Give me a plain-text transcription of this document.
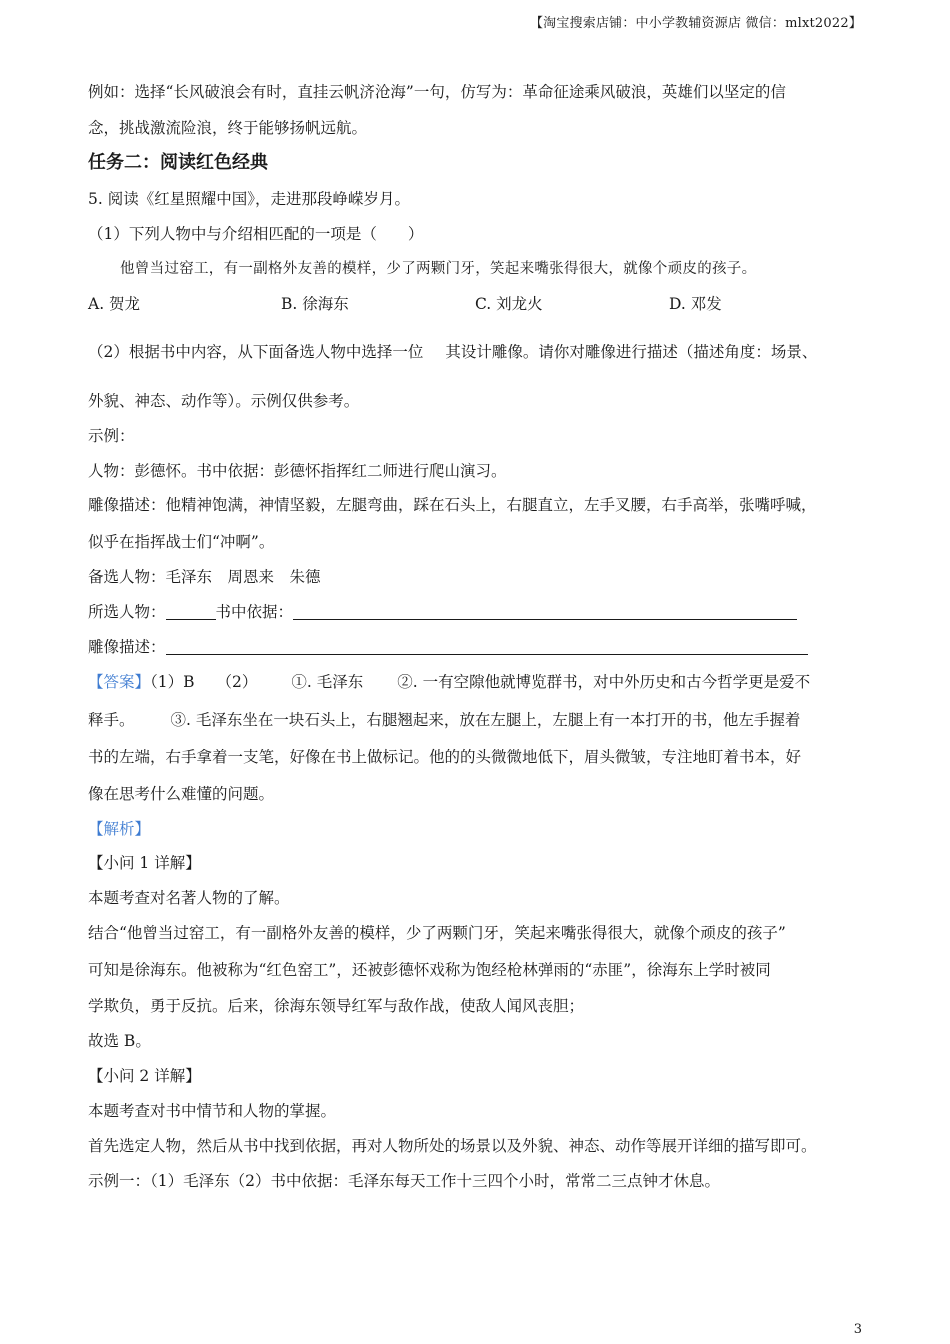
【淘宝搜索店铺：中小学教辅资源店 微信：mlxt2022】
例如：选择“长风破浪会有时，直挂云帆济沧海”一句，仿写为：革命征途乘风破浪，英雄们以坚定的信
念，挑战激流险浪，终于能够扬帆远航。
任务二：阅读红色经典
5. 阅读《红星照耀中国》，走进那段峥嵘岁月。
（1）下列人物中与介绍相匹配的一项是（　　）
他曾当过窑工，有一副格外友善的模样，少了两颗门牙，笑起来嘴张得很大，就像个顽皮的孩子。
A. 贺龙	B. 徐海东	C. 刘龙火	D. 邓发
（2）根据书中内容，从下面备选人物中选择一位 其设计雕像。请你对雕像进行描述（描述角度：场景、
外貌、神态、动作等）。示例仅供参考。
示例：
人物：彭德怀。书中依据：彭德怀指挥红二师进行爬山演习。
雕像描述：他精神饱满，神情坚毅，左腿弯曲，踩在石头上，右腿直立，左手叉腰，右手高举，张嘴呼喊，
似乎在指挥战士们“冲啊”。
备选人物：毛泽东　周恩来　朱德
所选人物：	书中依据：
雕像描述：
【答案】（1）B （2） ①. 毛泽东 ②. 一有空隙他就博览群书，对中外历史和古今哲学更是爱不
释手。 ③. 毛泽东坐在一块石头上，右腿翘起来，放在左腿上，左腿上有一本打开的书，他左手握着
书的左端，右手拿着一支笔，好像在书上做标记。他的的头微微地低下，眉头微皱，专注地盯着书本，好
像在思考什么难懂的问题。
【解析】
【小问 1 详解】
本题考查对名著人物的了解。
结合“他曾当过窑工，有一副格外友善的模样，少了两颗门牙，笑起来嘴张得很大，就像个顽皮的孩子”
可知是徐海东。他被称为“红色窑工”，还被彭德怀戏称为饱经枪林弹雨的“赤匪”，徐海东上学时被同
学欺负，勇于反抗。后来，徐海东领导红军与敌作战，使敌人闻风丧胆；
故选 B。
【小问 2 详解】
本题考查对书中情节和人物的掌握。
首先选定人物，然后从书中找到依据，再对人物所处的场景以及外貌、神态、动作等展开详细的描写即可。
示例一：（1）毛泽东（2）书中依据：毛泽东每天工作十三四个小时，常常二三点钟才休息。
3
